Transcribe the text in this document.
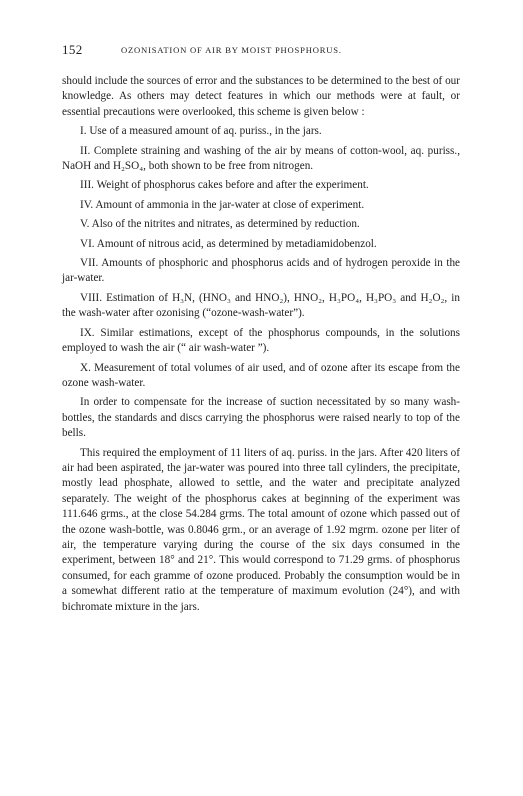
152	OZONISATION OF AIR BY MOIST PHOSPHORUS.

should include the sources of error and the substances to be determined to the best of our knowledge. As others may detect features in which our methods were at fault, or essential precautions were overlooked, this scheme is given below :

I. Use of a measured amount of aq. puriss., in the jars.

II. Complete straining and washing of the air by means of cotton-wool, aq. puriss., NaOH and H₂SO₄, both shown to be free from nitrogen.

III. Weight of phosphorus cakes before and after the experiment.

IV. Amount of ammonia in the jar-water at close of experiment.

V. Also of the nitrites and nitrates, as determined by reduction.

VI. Amount of nitrous acid, as determined by metadiamidobenzol.

VII. Amounts of phosphoric and phosphorus acids and of hydrogen peroxide in the jar-water.

VIII. Estimation of H₃N, (HNO₃ and HNO₂), HNO₂, H₃PO₄, H₃PO₃ and H₂O₂, in the wash-water after ozonising (“ozone-wash-water”).

IX. Similar estimations, except of the phosphorus compounds, in the solutions employed to wash the air (“ air wash-water ”).

X. Measurement of total volumes of air used, and of ozone after its escape from the ozone wash-water.

In order to compensate for the increase of suction necessitated by so many wash-bottles, the standards and discs carrying the phosphorus were raised nearly to top of the bells.

This required the employment of 11 liters of aq. puriss. in the jars. After 420 liters of air had been aspirated, the jar-water was poured into three tall cylinders, the precipitate, mostly lead phosphate, allowed to settle, and the water and precipitate analyzed separately. The weight of the phosphorus cakes at beginning of the experiment was 111.646 grms., at the close 54.284 grms. The total amount of ozone which passed out of the ozone wash-bottle, was 0.8046 grm., or an average of 1.92 mgrm. ozone per liter of air, the temperature varying during the course of the six days consumed in the experiment, between 18° and 21°. This would correspond to 71.29 grms. of phosphorus consumed, for each gramme of ozone produced. Probably the consumption would be in a somewhat different ratio at the temperature of maximum evolution (24°), and with bichromate mixture in the jars.
